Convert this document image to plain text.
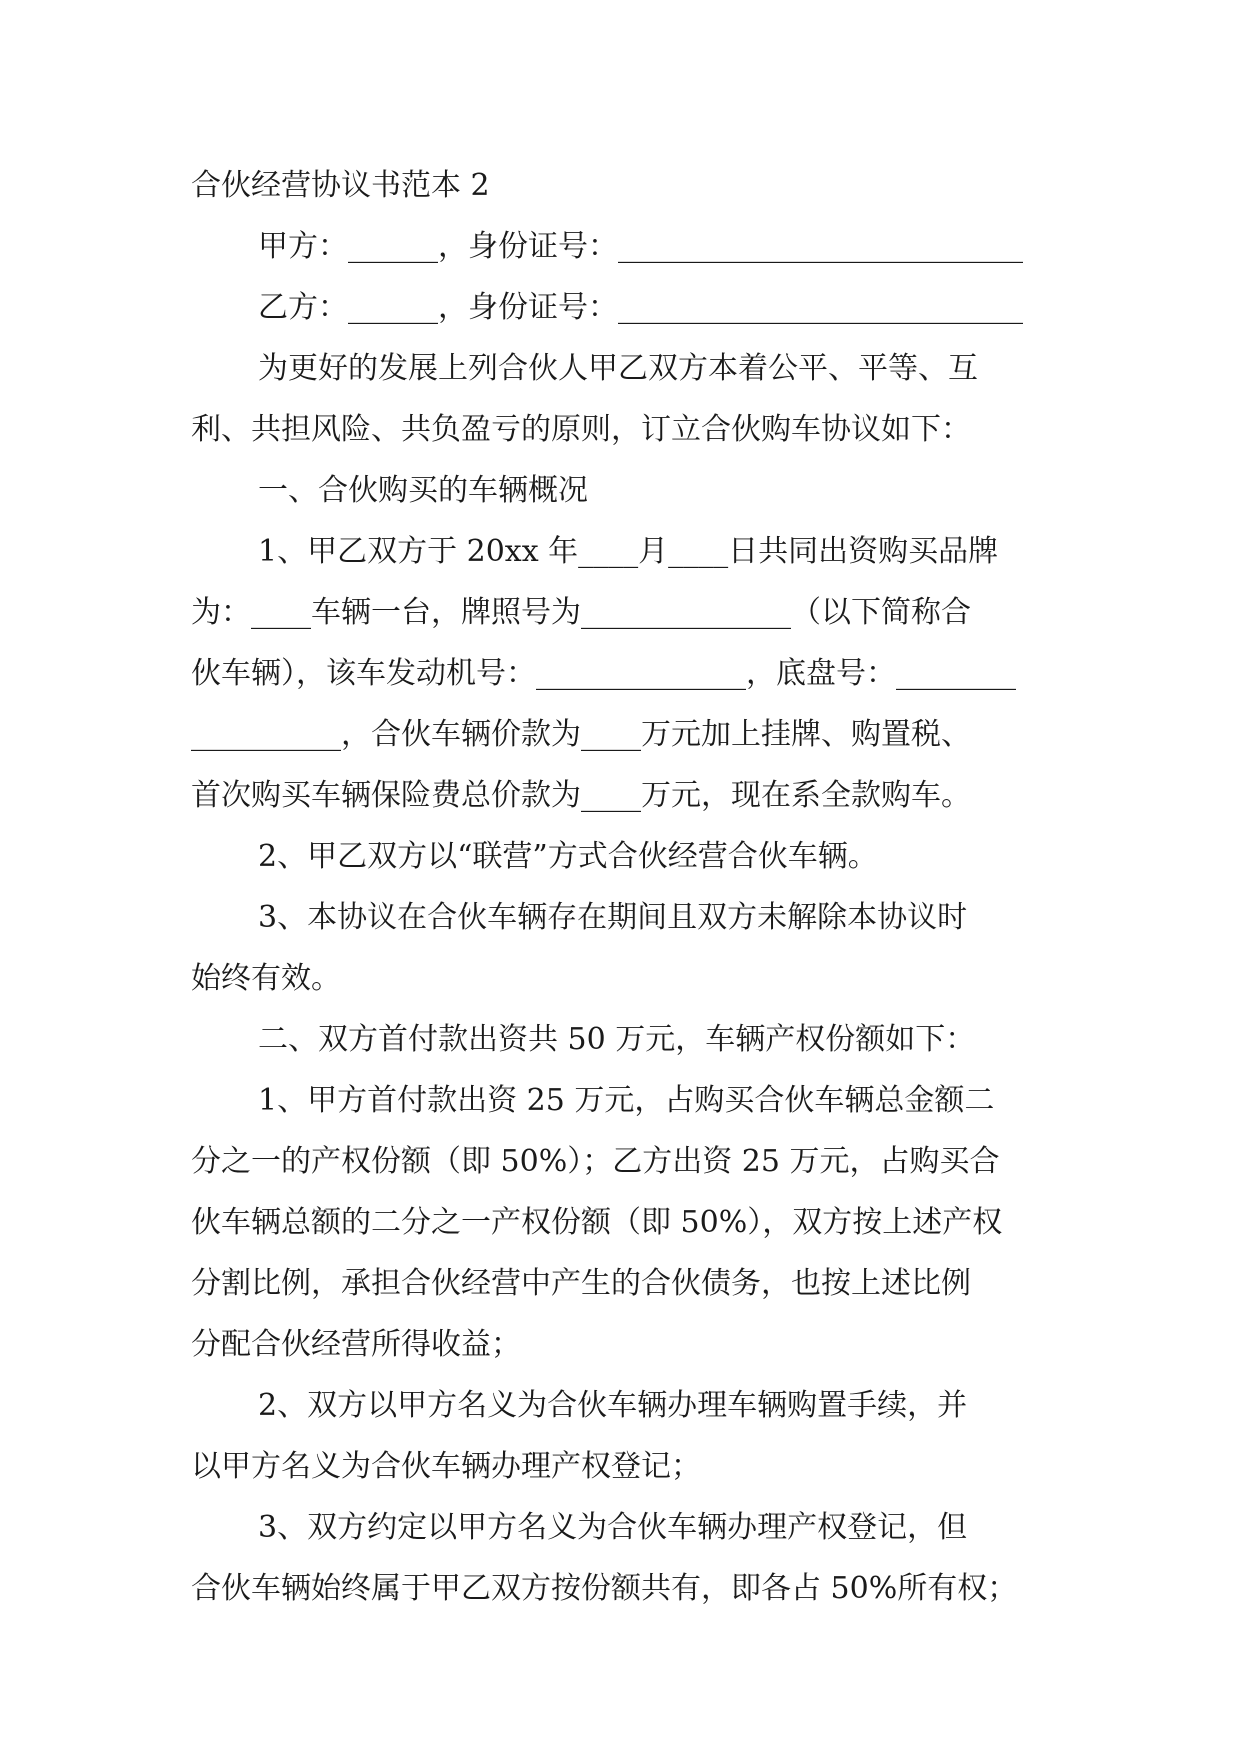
合伙经营协议书范本 2
甲方：______，身份证号：___________________________
乙方：______，身份证号：___________________________
为更好的发展上列合伙人甲乙双方本着公平、平等、互
利、共担风险、共负盈亏的原则，订立合伙购车协议如下：
一、合伙购买的车辆概况
1、甲乙双方于 20xx 年____月____日共同出资购买品牌
为：____车辆一台，牌照号为______________（以下简称合
伙车辆），该车发动机号：______________，底盘号：________
__________，合伙车辆价款为____万元加上挂牌、购置税、
首次购买车辆保险费总价款为____万元，现在系全款购车。
2、甲乙双方以“联营”方式合伙经营合伙车辆。
3、本协议在合伙车辆存在期间且双方未解除本协议时
始终有效。
二、双方首付款出资共 50 万元，车辆产权份额如下：
1、甲方首付款出资 25 万元，占购买合伙车辆总金额二
分之一的产权份额（即 50%）；乙方出资 25 万元，占购买合
伙车辆总额的二分之一产权份额（即 50%），双方按上述产权
分割比例，承担合伙经营中产生的合伙债务，也按上述比例
分配合伙经营所得收益；
2、双方以甲方名义为合伙车辆办理车辆购置手续，并
以甲方名义为合伙车辆办理产权登记；
3、双方约定以甲方名义为合伙车辆办理产权登记，但
合伙车辆始终属于甲乙双方按份额共有，即各占 50%所有权；
